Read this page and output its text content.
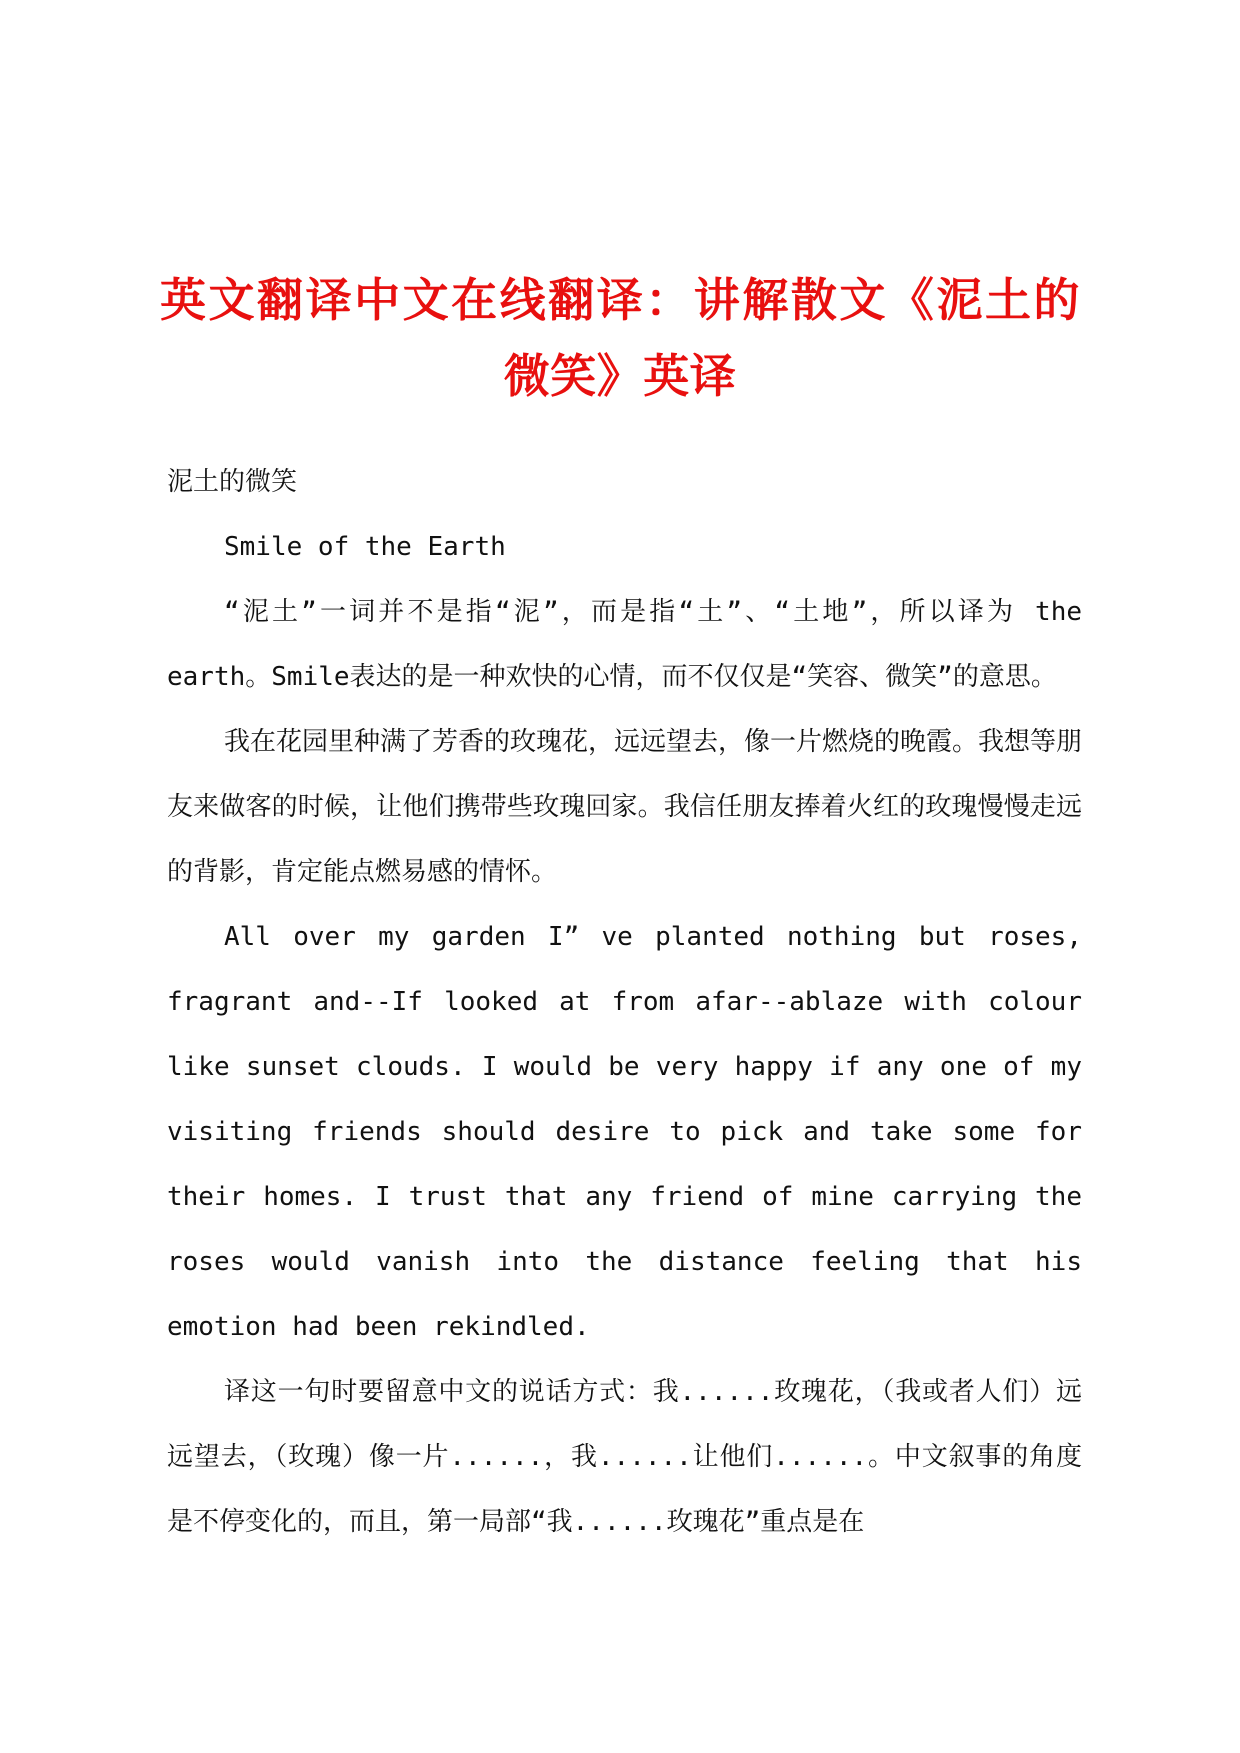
英文翻译中文在线翻译：讲解散文《泥土的微笑》英译

泥土的微笑

Smile of the Earth

“泥土”一词并不是指“泥”，而是指“土”、“土地”，所以译为 the earth。Smile表达的是一种欢快的心情，而不仅仅是“笑容、微笑”的意思。

我在花园里种满了芳香的玫瑰花，远远望去，像一片燃烧的晚霞。我想等朋友来做客的时候，让他们携带些玫瑰回家。我信任朋友捧着火红的玫瑰慢慢走远的背影，肯定能点燃易感的情怀。

All over my garden I” ve planted nothing but roses, fragrant and--If looked at from afar--ablaze with colour like sunset clouds. I would be very happy if any one of my visiting friends should desire to pick and take some for their homes. I trust that any friend of mine carrying the roses would vanish into the distance feeling that his emotion had been rekindled.

译这一句时要留意中文的说话方式：我......玫瑰花，（我或者人们）远远望去，（玫瑰）像一片......，我......让他们......。中文叙事的角度是不停变化的，而且，第一局部“我......玫瑰花”重点是在
